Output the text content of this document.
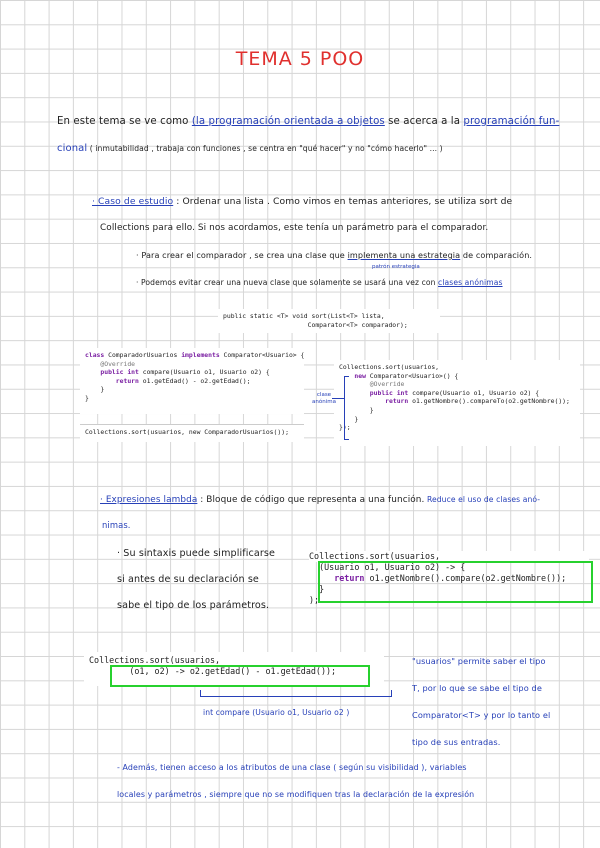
TEMA 5 POO
En este tema se ve como (la programación orientada a objetos se acerca a la programación fun-
cional ( inmutabilidad , trabaja con funciones , se centra en "qué hacer" y no "cómo hacerlo" ... )
· Caso de estudio : Ordenar una lista . Como vimos en temas anteriores, se utiliza sort de
Collections para ello. Si nos acordamos, este tenía un parámetro para el comparador.
· Para crear el comparador , se crea una clase que implementa una estrategia de comparación.
patrón estrategia
· Podemos evitar crear una nueva clase que solamente se usará una vez con clases anónimas
public static <T> void sort(List<T> lista,
Comparator<T> comparador);
class ComparadorUsuarios implements Comparator<Usuario> {
@Override
public int compare(Usuario o1, Usuario o2) {
return o1.getEdad() - o2.getEdad();
}
}
Collections.sort(usuarios, new ComparadorUsuarios());
Collections.sort(usuarios,
new Comparator<Usuario>() {
@Override
public int compare(Usuario o1, Usuario o2) {
return o1.getNombre().compareTo(o2.getNombre());
}
}
});
clase
anónima
· Expresiones lambda : Bloque de código que representa a una función. Reduce el uso de clases anó-
nimas.
· Su sintaxis puede simplificarse
si antes de su declaración se
sabe el tipo de los parámetros.
Collections.sort(usuarios,
(Usuario o1, Usuario o2) -> {
return o1.getNombre().compare(o2.getNombre());
}
);
Collections.sort(usuarios,
(o1, o2) -> o2.getEdad() - o1.getEdad());
int compare (Usuario o1, Usuario o2 )
"usuarios" permite saber el tipo
T, por lo que se sabe el tipo de
Comparator<T> y por lo tanto el
tipo de sus entradas.
- Además, tienen acceso a los atributos de una clase ( según su visibilidad ), variables
locales y parámetros , siempre que no se modifiquen tras la declaración de la expresión
